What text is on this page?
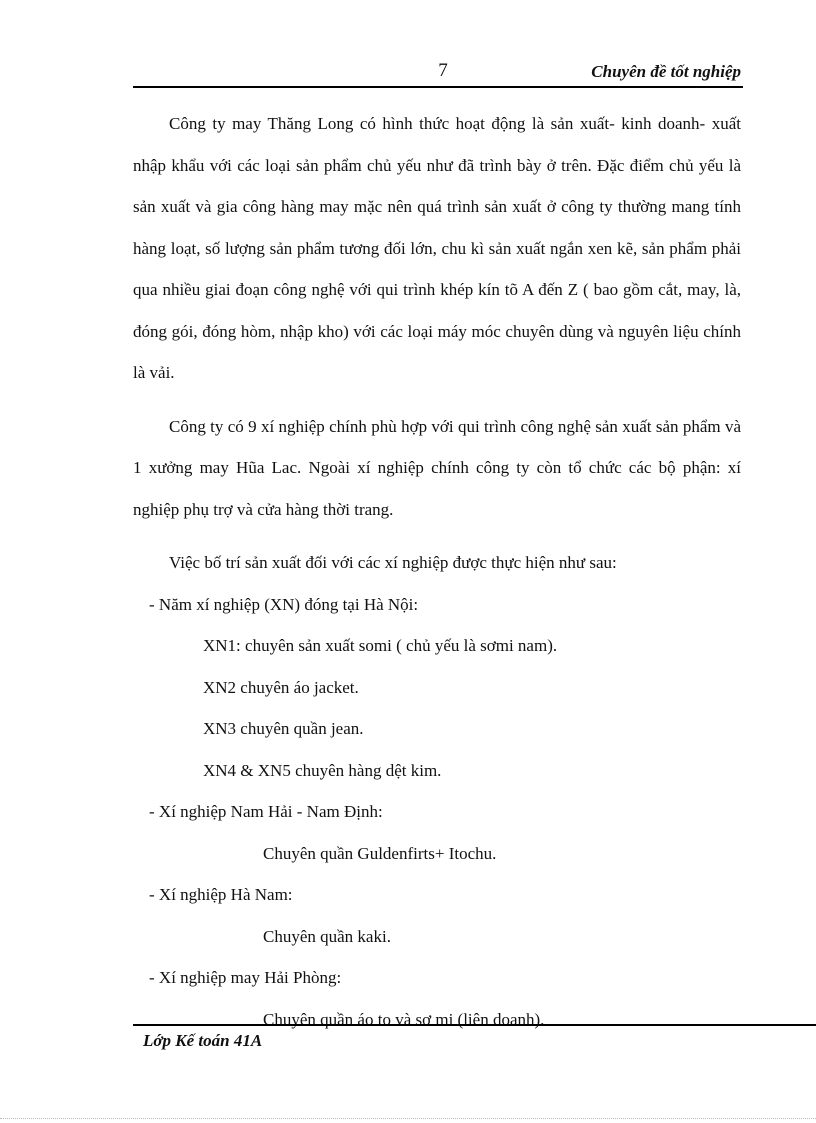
7	Chuyên đề tốt nghiệp

Công ty may Thăng Long có hình thức hoạt động là sản xuất- kinh doanh- xuất nhập khẩu với các loại sản phẩm chủ yếu như đã trình bày ở trên. Đặc điểm chủ yếu là sản xuất và gia công hàng may mặc nên quá trình sản xuất ở công ty thường mang tính hàng loạt, số lượng sản phẩm tương đối lớn, chu kì sản xuất ngắn xen kẽ, sản phẩm phải qua nhiều giai đoạn công nghệ với qui trình khép kín tõ A đến Z ( bao gồm cắt, may, là, đóng gói, đóng hòm, nhập kho) với các loại máy móc chuyên dùng và nguyên liệu chính là vải.

Công ty có 9 xí nghiệp chính phù hợp với qui trình công nghệ sản xuất sản phẩm và 1 xưởng may Hũa Lac. Ngoài xí nghiệp chính công ty còn tổ chức các bộ phận: xí nghiệp phụ trợ và cửa hàng thời trang.

Việc bố trí sản xuất đối với các xí nghiệp được thực hiện như sau:

- Năm xí nghiệp (XN) đóng tại Hà Nội:

XN1: chuyên sản xuất somi ( chủ yếu là sơmi nam).

XN2 chuyên áo jacket.

XN3 chuyên quần jean.

XN4 & XN5 chuyên hàng dệt kim.

- Xí nghiệp Nam Hải - Nam Định:

Chuyên quần Guldenfirts+ Itochu.

- Xí nghiệp Hà Nam:

Chuyên quần kaki.

- Xí nghiệp may Hải Phòng:

Chuyên quần áo to và sơ mi (liên doanh).

Lớp Kế toán 41A
